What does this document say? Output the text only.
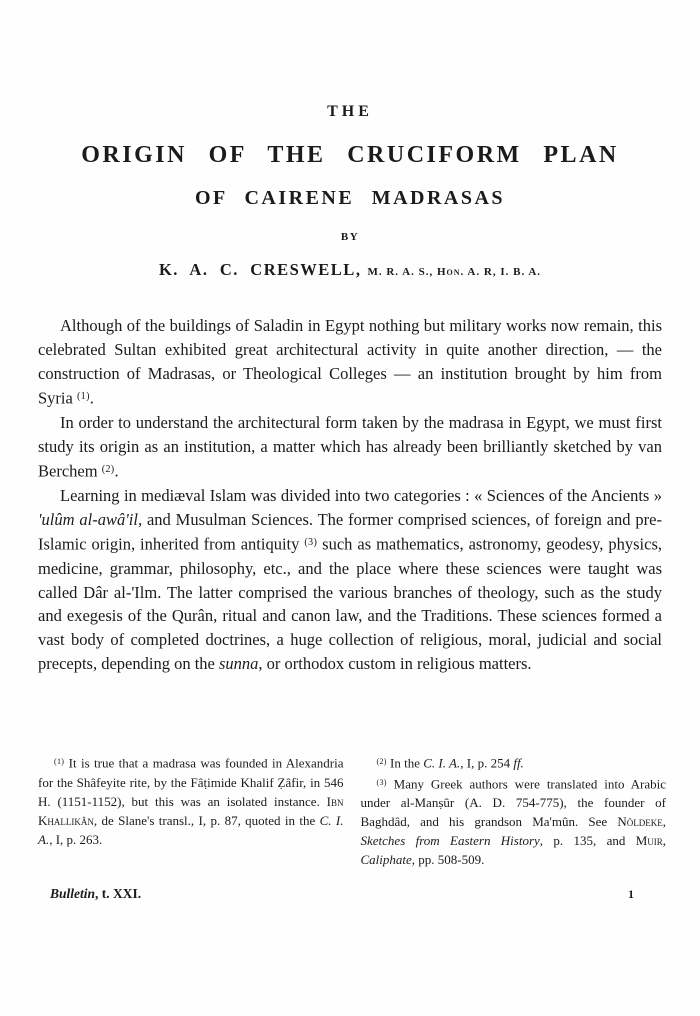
THE
ORIGIN OF THE CRUCIFORM PLAN
OF CAIRENE MADRASAS
BY
K. A. C. CRESWELL, M. R. A. S., Hon. A. R, I. B. A.

Although of the buildings of Saladin in Egypt nothing but military works now remain, this celebrated Sultan exhibited great architectural activity in quite another direction, — the construction of Madrasas, or Theological Colleges — an institution brought by him from Syria $^{(1)}$.

In order to understand the architectural form taken by the madrasa in Egypt, we must first study its origin as an institution, a matter which has already been brilliantly sketched by van Berchem $^{(2)}$.

Learning in mediæval Islam was divided into two categories : « Sciences of the Ancients » 'ulûm al-awâ'il, and Musulman Sciences. The former comprised sciences, of foreign and pre-Islamic origin, inherited from antiquity $^{(3)}$ such as mathematics, astronomy, geodesy, physics, medicine, grammar, philosophy, etc., and the place where these sciences were taught was called Dâr al-'Ilm. The latter comprised the various branches of theology, such as the study and exegesis of the Qurân, ritual and canon law, and the Traditions. These sciences formed a vast body of completed doctrines, a huge collection of religious, moral, judicial and social precepts, depending on the sunna, or orthodox custom in religious matters.

$^{(1)}$ It is true that a madrasa was founded in Alexandria for the Shâfeyite rite, by the Fâṭimide Khalif Ẓâfir, in 546 H. (1151-1152), but this was an isolated instance. Ibn Khallikân, de Slane's transl., I, p. 87, quoted in the C. I. A., I, p. 263.

$^{(2)}$ In the C. I. A., I, p. 254 ff.

$^{(3)}$ Many Greek authors were translated into Arabic under al-Manṣûr (A. D. 754-775), the founder of Baghdâd, and his grandson Ma'mûn. See Nöldeke, Sketches from Eastern History, p. 135, and Muir, Caliphate, pp. 508-509.

Bulletin, t. XXI.	1
